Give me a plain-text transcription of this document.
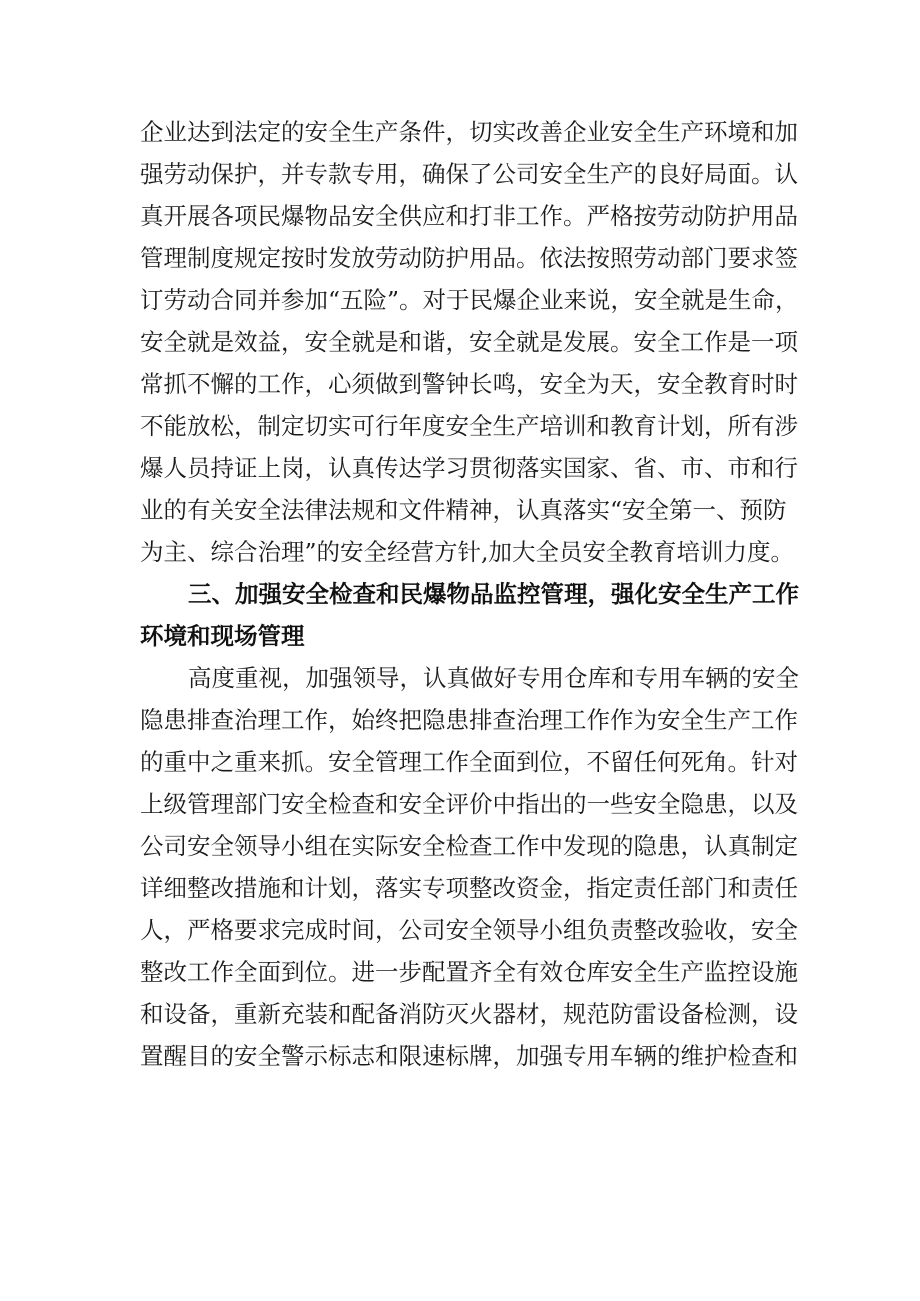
企业达到法定的安全生产条件，切实改善企业安全生产环境和加
强劳动保护，并专款专用，确保了公司安全生产的良好局面。认
真开展各项民爆物品安全供应和打非工作。严格按劳动防护用品
管理制度规定按时发放劳动防护用品。依法按照劳动部门要求签
订劳动合同并参加“五险”。对于民爆企业来说，安全就是生命，
安全就是效益，安全就是和谐，安全就是发展。安全工作是一项
常抓不懈的工作，心须做到警钟长鸣，安全为天，安全教育时时
不能放松，制定切实可行年度安全生产培训和教育计划，所有涉
爆人员持证上岗，认真传达学习贯彻落实国家、省、市、市和行
业的有关安全法律法规和文件精神，认真落实“安全第一、预防
为主、综合治理”的安全经营方针,加大全员安全教育培训力度。
三、加强安全检查和民爆物品监控管理，强化安全生产工作
环境和现场管理
高度重视，加强领导，认真做好专用仓库和专用车辆的安全
隐患排查治理工作，始终把隐患排查治理工作作为安全生产工作
的重中之重来抓。安全管理工作全面到位，不留任何死角。针对
上级管理部门安全检查和安全评价中指出的一些安全隐患，以及
公司安全领导小组在实际安全检查工作中发现的隐患，认真制定
详细整改措施和计划，落实专项整改资金，指定责任部门和责任
人，严格要求完成时间，公司安全领导小组负责整改验收，安全
整改工作全面到位。进一步配置齐全有效仓库安全生产监控设施
和设备，重新充装和配备消防灭火器材，规范防雷设备检测，设
置醒目的安全警示标志和限速标牌，加强专用车辆的维护检查和
